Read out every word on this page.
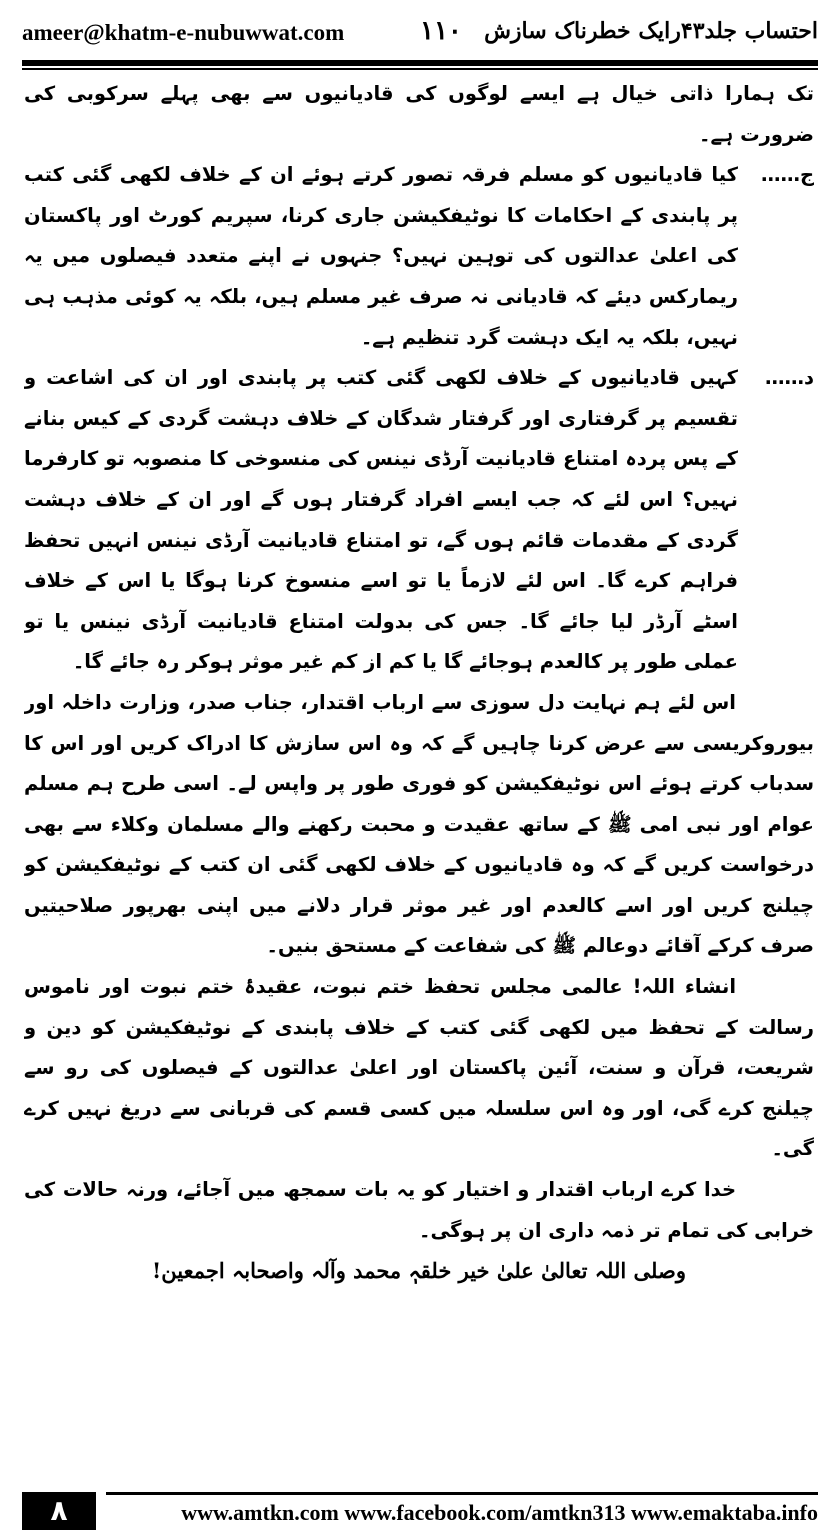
ameer@khatm-e-nubuwwat.com	۱۱۰ احتساب جلد۴۳رایک خطرناک سازش

تک ہمارا ذاتی خیال ہے ایسے لوگوں کی قادیانیوں سے بھی پہلے سرکوبی کی ضرورت ہے۔

ج……
کیا قادیانیوں کو مسلم فرقہ تصور کرتے ہوئے ان کے خلاف لکھی گئی کتب پر پابندی کے احکامات کا نوٹیفکیشن جاری کرنا، سپریم کورٹ اور پاکستان کی اعلیٰ عدالتوں کی توہین نہیں؟ جنہوں نے اپنے متعدد فیصلوں میں یہ ریمارکس دیئے کہ قادیانی نہ صرف غیر مسلم ہیں، بلکہ یہ کوئی مذہب ہی نہیں، بلکہ یہ ایک دہشت گرد تنظیم ہے۔
د……
کہیں قادیانیوں کے خلاف لکھی گئی کتب پر پابندی اور ان کی اشاعت و تقسیم پر گرفتاری اور گرفتار شدگان کے خلاف دہشت گردی کے کیس بنانے کے پس پردہ امتناع قادیانیت آرڈی نینس کی منسوخی کا منصوبہ تو کارفرما نہیں؟ اس لئے کہ جب ایسے افراد گرفتار ہوں گے اور ان کے خلاف دہشت گردی کے مقدمات قائم ہوں گے، تو امتناع قادیانیت آرڈی نینس انہیں تحفظ فراہم کرے گا۔ اس لئے لازماً یا تو اسے منسوخ کرنا ہوگا یا اس کے خلاف اسٹے آرڈر لیا جائے گا۔ جس کی بدولت امتناع قادیانیت آرڈی نینس یا تو عملی طور پر کالعدم ہوجائے گا یا کم از کم غیر موثر ہوکر رہ جائے گا۔

اس لئے ہم نہایت دل سوزی سے ارباب اقتدار، جناب صدر، وزارت داخلہ اور بیوروکریسی سے عرض کرنا چاہیں گے کہ وہ اس سازش کا ادراک کریں اور اس کا سدباب کرتے ہوئے اس نوٹیفکیشن کو فوری طور پر واپس لے۔ اسی طرح ہم مسلم عوام اور نبی امی ﷺ کے ساتھ عقیدت و محبت رکھنے والے مسلمان وکلاء سے بھی درخواست کریں گے کہ وہ قادیانیوں کے خلاف لکھی گئی ان کتب کے نوٹیفکیشن کو چیلنج کریں اور اسے کالعدم اور غیر موثر قرار دلانے میں اپنی بھرپور صلاحیتیں صرف کرکے آقائے دوعالم ﷺ کی شفاعت کے مستحق بنیں۔

انشاء اللہ! عالمی مجلس تحفظ ختم نبوت، عقیدۂ ختم نبوت اور ناموس رسالت کے تحفظ میں لکھی گئی کتب کے خلاف پابندی کے نوٹیفکیشن کو دین و شریعت، قرآن و سنت، آئین پاکستان اور اعلیٰ عدالتوں کے فیصلوں کی رو سے چیلنج کرے گی، اور وہ اس سلسلہ میں کسی قسم کی قربانی سے دریغ نہیں کرے گی۔

خدا کرے ارباب اقتدار و اختیار کو یہ بات سمجھ میں آجائے، ورنہ حالات کی خرابی کی تمام تر ذمہ داری ان پر ہوگی۔

وصلی اللہ تعالیٰ علیٰ خیر خلقہٖ محمد وآلہ واصحابہ اجمعین!

۸	www.amtkn.com www.facebook.com/amtkn313 www.emaktaba.info
